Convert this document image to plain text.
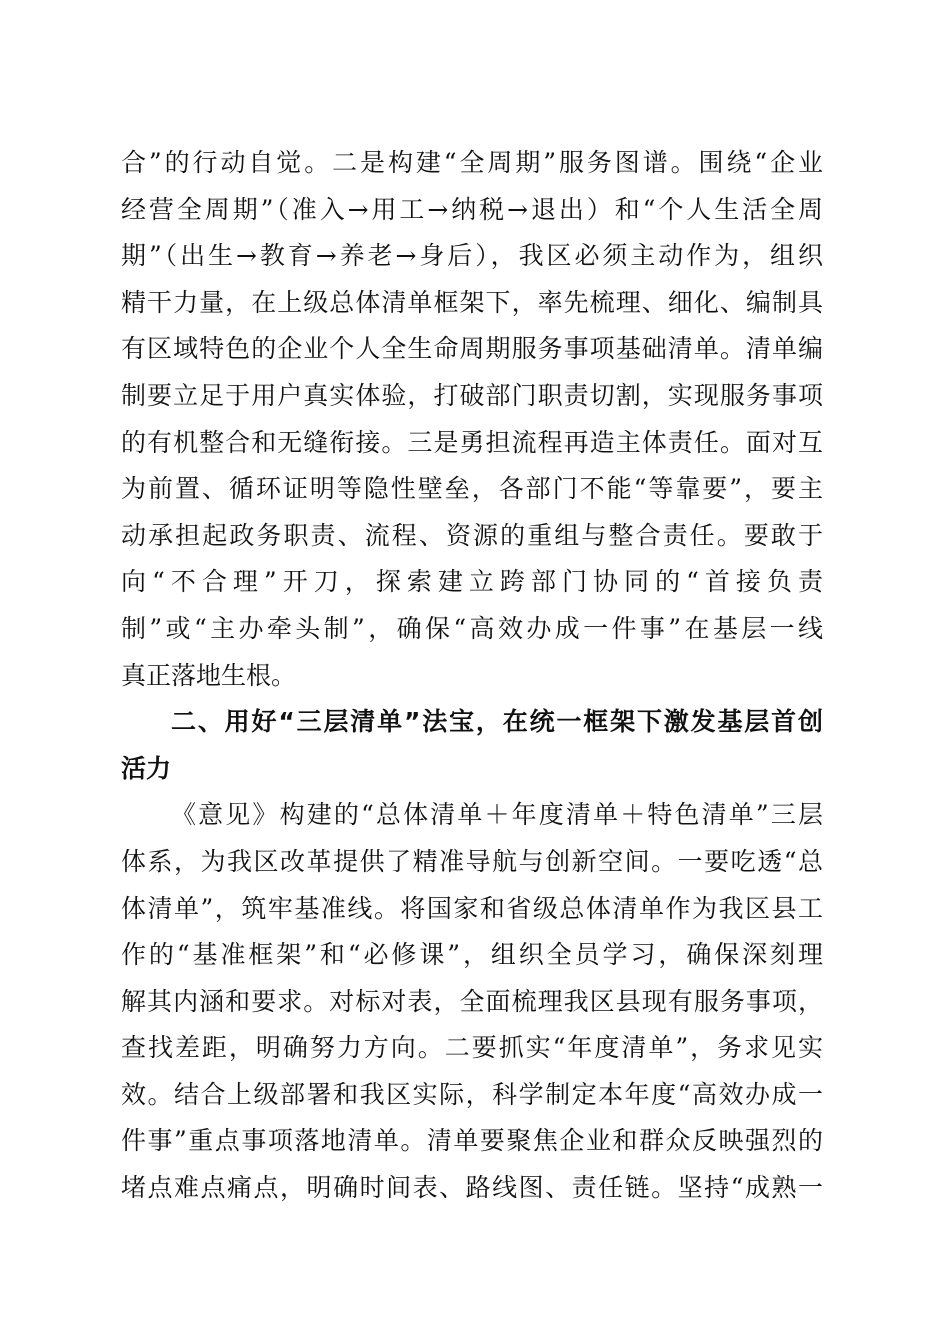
合”的行动自觉。二是构建“全周期”服务图谱。围绕“企业
经营全周期”（准入→用工→纳税→退出）和“个人生活全周
期”（出生→教育→养老→身后），我区必须主动作为，组织
精干力量，在上级总体清单框架下，率先梳理、细化、编制具
有区域特色的企业个人全生命周期服务事项基础清单。清单编
制要立足于用户真实体验，打破部门职责切割，实现服务事项
的有机整合和无缝衔接。三是勇担流程再造主体责任。面对互
为前置、循环证明等隐性壁垒，各部门不能“等靠要”，要主
动承担起政务职责、流程、资源的重组与整合责任。要敢于
向“不合理”开刀，探索建立跨部门协同的“首接负责
制”或“主办牵头制”，确保“高效办成一件事”在基层一线
真正落地生根。
二、用好“三层清单”法宝，在统一框架下激发基层首创
活力
《意见》构建的“总体清单＋年度清单＋特色清单”三层
体系，为我区改革提供了精准导航与创新空间。一要吃透“总
体清单”，筑牢基准线。将国家和省级总体清单作为我区县工
作的“基准框架”和“必修课”，组织全员学习，确保深刻理
解其内涵和要求。对标对表，全面梳理我区县现有服务事项，
查找差距，明确努力方向。二要抓实“年度清单”，务求见实
效。结合上级部署和我区实际，科学制定本年度“高效办成一
件事”重点事项落地清单。清单要聚焦企业和群众反映强烈的
堵点难点痛点，明确时间表、路线图、责任链。坚持“成熟一
